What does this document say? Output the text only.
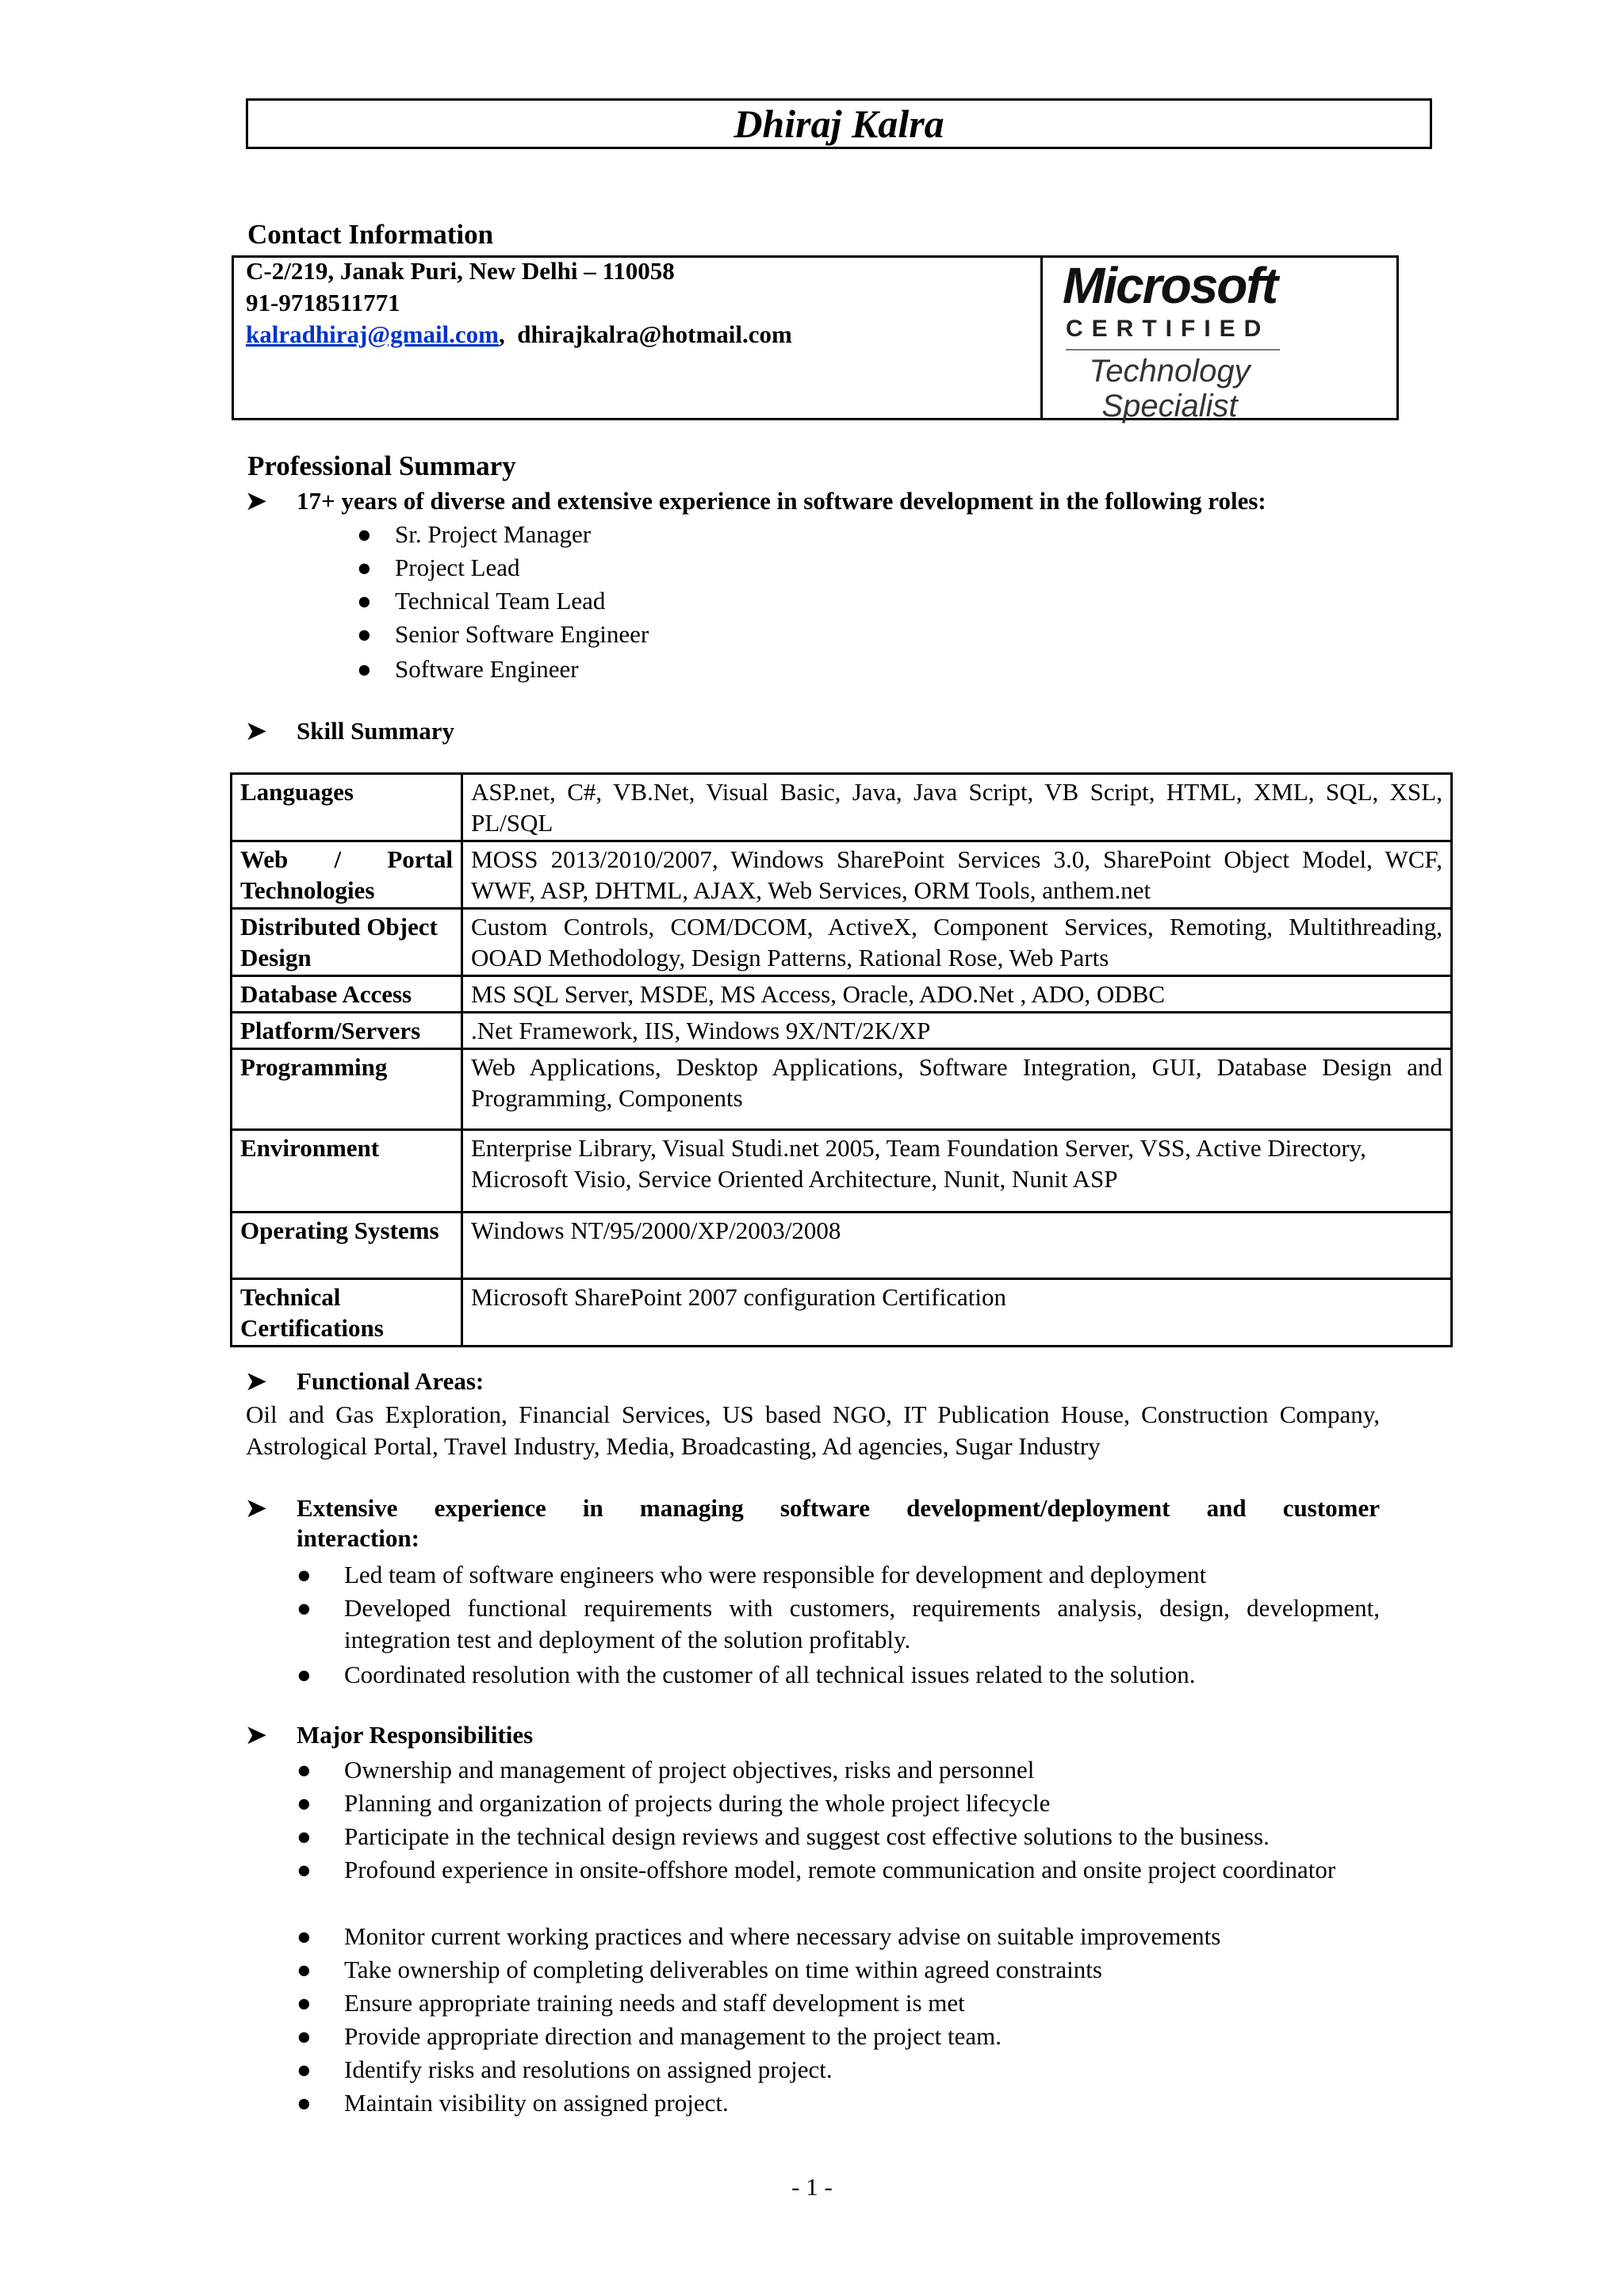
Dhiraj Kalra
Contact Information
C-2/219, Janak Puri, New Delhi – 110058
91-9718511771
kalradhiraj@gmail.com, dhirajkalra@hotmail.com
Microsoft
CERTIFIED
Technology
Specialist
Professional Summary
➤ 17+ years of diverse and extensive experience in software development in the following roles:
● Sr. Project Manager
● Project Lead
● Technical Team Lead
● Senior Software Engineer
● Software Engineer
➤ Skill Summary
Languages	ASP.net, C#, VB.Net, Visual Basic, Java, Java Script, VB Script, HTML, XML, SQL, XSL, PL/SQL
Web / Portal Technologies	MOSS 2013/2010/2007, Windows SharePoint Services 3.0, SharePoint Object Model, WCF, WWF, ASP, DHTML, AJAX, Web Services, ORM Tools, anthem.net
Distributed Object Design	Custom Controls, COM/DCOM, ActiveX, Component Services, Remoting, Multithreading, OOAD Methodology, Design Patterns, Rational Rose, Web Parts
Database Access	MS SQL Server, MSDE, MS Access, Oracle, ADO.Net , ADO, ODBC
Platform/Servers	.Net Framework, IIS, Windows 9X/NT/2K/XP
Programming	Web Applications, Desktop Applications, Software Integration, GUI, Database Design and Programming, Components
Environment	Enterprise Library, Visual Studi.net 2005, Team Foundation Server, VSS, Active Directory, Microsoft Visio, Service Oriented Architecture, Nunit, Nunit ASP
Operating Systems	Windows NT/95/2000/XP/2003/2008
Technical Certifications	Microsoft SharePoint 2007 configuration Certification
➤ Functional Areas:
Oil and Gas Exploration, Financial Services, US based NGO, IT Publication House, Construction Company, Astrological Portal, Travel Industry, Media, Broadcasting, Ad agencies, Sugar Industry
➤ Extensive experience in managing software development/deployment and customer
interaction:
● Led team of software engineers who were responsible for development and deployment
● Developed functional requirements with customers, requirements analysis, design, development, integration test and deployment of the solution profitably.
● Coordinated resolution with the customer of all technical issues related to the solution.
➤ Major Responsibilities
● Ownership and management of project objectives, risks and personnel
● Planning and organization of projects during the whole project lifecycle
● Participate in the technical design reviews and suggest cost effective solutions to the business.
● Profound experience in onsite-offshore model, remote communication and onsite project coordinator
● Monitor current working practices and where necessary advise on suitable improvements
● Take ownership of completing deliverables on time within agreed constraints
● Ensure appropriate training needs and staff development is met
● Provide appropriate direction and management to the project team.
● Identify risks and resolutions on assigned project.
● Maintain visibility on assigned project.
- 1 -
